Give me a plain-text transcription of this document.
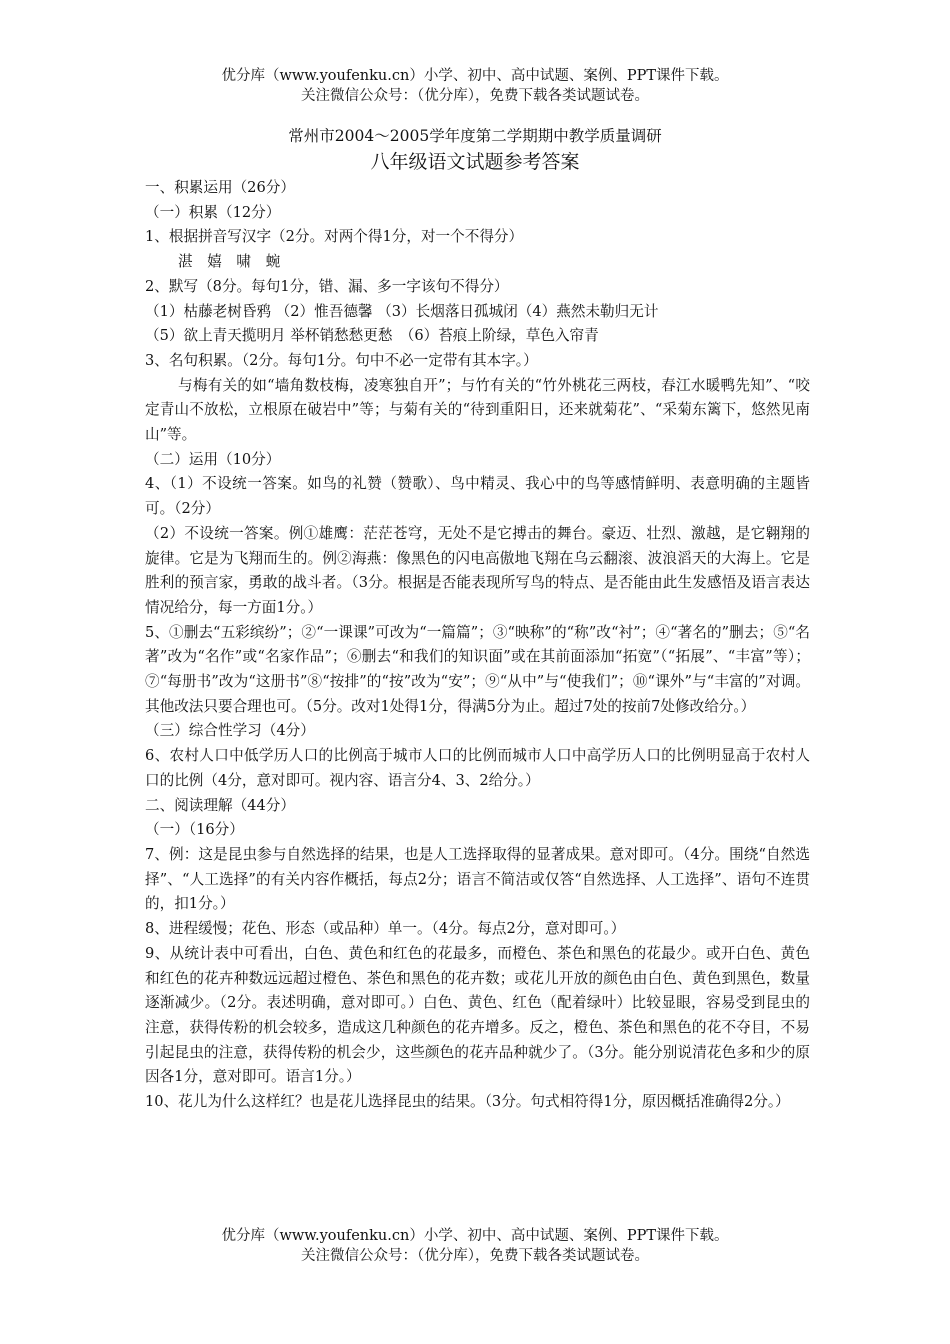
优分库（www.youfenku.cn）小学、初中、高中试题、案例、PPT课件下载。
关注微信公众号：（优分库），免费下载各类试题试卷。
常州市2004～2005学年度第二学期期中教学质量调研
八年级语文试题参考答案
一、积累运用（26分）
（一）积累（12分）
1、根据拼音写汉字（2分。对两个得1分，对一个不得分）
湛　嬉　啸　蜿
2、默写（8分。每句1分，错、漏、多一字该句不得分）
（1）枯藤老树昏鸦 （2）惟吾德馨 （3）长烟落日孤城闭（4）燕然未勒归无计
（5）欲上青天揽明月 举杯销愁愁更愁　（6）苔痕上阶绿，草色入帘青
3、名句积累。（2分。每句1分。句中不必一定带有其本字。）
与梅有关的如“墙角数枝梅，凌寒独自开”；与竹有关的“竹外桃花三两枝，春江水暖鸭先知”、“咬定青山不放松，立根原在破岩中”等；与菊有关的“待到重阳日，还来就菊花”、“采菊东篱下，悠然见南山”等。
（二）运用（10分）
4、（1）不设统一答案。如鸟的礼赞（赞歌）、鸟中精灵、我心中的鸟等感情鲜明、表意明确的主题皆可。（2分）
（2）不设统一答案。例①雄鹰：茫茫苍穹，无处不是它搏击的舞台。豪迈、壮烈、激越，是它翱翔的旋律。它是为飞翔而生的。例②海燕：像黑色的闪电高傲地飞翔在乌云翻滚、波浪滔天的大海上。它是胜利的预言家，勇敢的战斗者。（3分。根据是否能表现所写鸟的特点、是否能由此生发感悟及语言表达情况给分，每一方面1分。）
5、①删去“五彩缤纷”；②“一课课”可改为“一篇篇”；③“映称”的“称”改“衬”；④“著名的”删去；⑤“名著”改为“名作”或“名家作品”；⑥删去“和我们的知识面”或在其前面添加“拓宽”（“拓展”、“丰富”等）；⑦“每册书”改为“这册书”⑧“按排”的“按”改为“安”；⑨“从中”与“使我们”；⑩“课外”与“丰富的”对调。其他改法只要合理也可。（5分。改对1处得1分，得满5分为止。超过7处的按前7处修改给分。）
（三）综合性学习（4分）
6、农村人口中低学历人口的比例高于城市人口的比例而城市人口中高学历人口的比例明显高于农村人口的比例（4分，意对即可。视内容、语言分4、3、2给分。）
二、阅读理解（44分）
（一）（16分）
7、例：这是昆虫参与自然选择的结果，也是人工选择取得的显著成果。意对即可。（4分。围绕“自然选择”、“人工选择”的有关内容作概括，每点2分；语言不简洁或仅答“自然选择、人工选择”、语句不连贯的，扣1分。）
8、进程缓慢；花色、形态（或品种）单一。（4分。每点2分，意对即可。）
9、从统计表中可看出，白色、黄色和红色的花最多，而橙色、茶色和黑色的花最少。或开白色、黄色和红色的花卉种数远远超过橙色、茶色和黑色的花卉数；或花儿开放的颜色由白色、黄色到黑色，数量逐渐减少。（2分。表述明确，意对即可。）白色、黄色、红色（配着绿叶）比较显眼，容易受到昆虫的注意，获得传粉的机会较多，造成这几种颜色的花卉增多。反之，橙色、茶色和黑色的花不夺目，不易引起昆虫的注意，获得传粉的机会少，这些颜色的花卉品种就少了。（3分。能分别说清花色多和少的原因各1分，意对即可。语言1分。）
10、花儿为什么这样红？也是花儿选择昆虫的结果。（3分。句式相符得1分，原因概括准确得2分。）
优分库（www.youfenku.cn）小学、初中、高中试题、案例、PPT课件下载。
关注微信公众号：（优分库），免费下载各类试题试卷。
